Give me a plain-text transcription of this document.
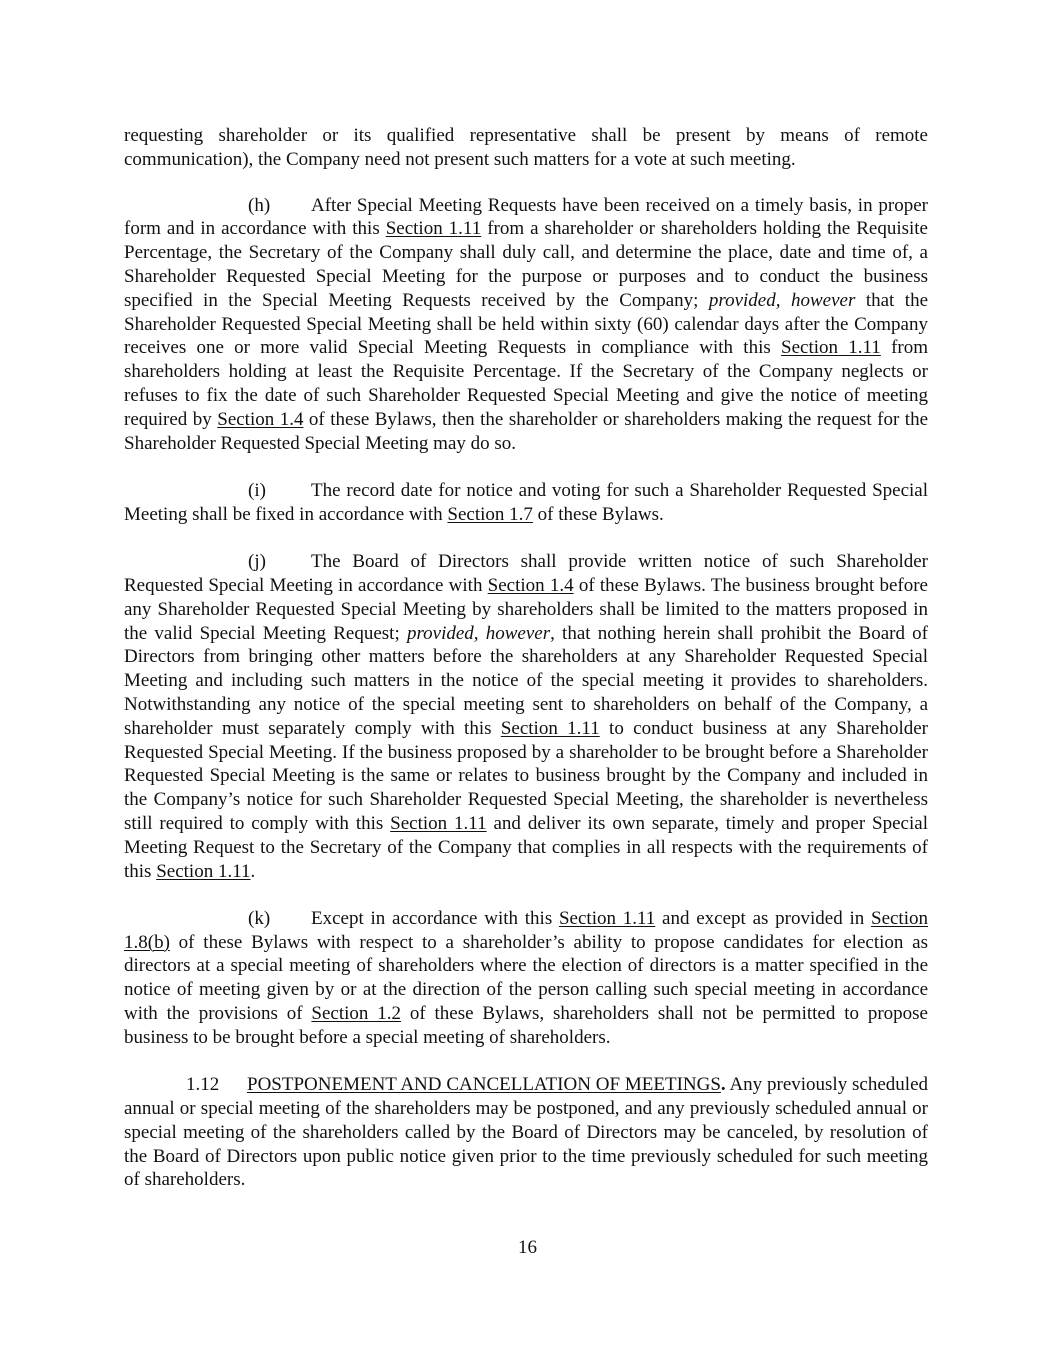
requesting shareholder or its qualified representative shall be present by means of remote communication), the Company need not present such matters for a vote at such meeting.

(h) After Special Meeting Requests have been received on a timely basis, in proper form and in accordance with this Section 1.11 from a shareholder or shareholders holding the Requisite Percentage, the Secretary of the Company shall duly call, and determine the place, date and time of, a Shareholder Requested Special Meeting for the purpose or purposes and to conduct the business specified in the Special Meeting Requests received by the Company; provided, however that the Shareholder Requested Special Meeting shall be held within sixty (60) calendar days after the Company receives one or more valid Special Meeting Requests in compliance with this Section 1.11 from shareholders holding at least the Requisite Percentage. If the Secretary of the Company neglects or refuses to fix the date of such Shareholder Requested Special Meeting and give the notice of meeting required by Section 1.4 of these Bylaws, then the shareholder or shareholders making the request for the Shareholder Requested Special Meeting may do so.

(i) The record date for notice and voting for such a Shareholder Requested Special Meeting shall be fixed in accordance with Section 1.7 of these Bylaws.

(j) The Board of Directors shall provide written notice of such Shareholder Requested Special Meeting in accordance with Section 1.4 of these Bylaws. The business brought before any Shareholder Requested Special Meeting by shareholders shall be limited to the matters proposed in the valid Special Meeting Request; provided, however, that nothing herein shall prohibit the Board of Directors from bringing other matters before the shareholders at any Shareholder Requested Special Meeting and including such matters in the notice of the special meeting it provides to shareholders. Notwithstanding any notice of the special meeting sent to shareholders on behalf of the Company, a shareholder must separately comply with this Section 1.11 to conduct business at any Shareholder Requested Special Meeting. If the business proposed by a shareholder to be brought before a Shareholder Requested Special Meeting is the same or relates to business brought by the Company and included in the Company’s notice for such Shareholder Requested Special Meeting, the shareholder is nevertheless still required to comply with this Section 1.11 and deliver its own separate, timely and proper Special Meeting Request to the Secretary of the Company that complies in all respects with the requirements of this Section 1.11.

(k) Except in accordance with this Section 1.11 and except as provided in Section 1.8(b) of these Bylaws with respect to a shareholder’s ability to propose candidates for election as directors at a special meeting of shareholders where the election of directors is a matter specified in the notice of meeting given by or at the direction of the person calling such special meeting in accordance with the provisions of Section 1.2 of these Bylaws, shareholders shall not be permitted to propose business to be brought before a special meeting of shareholders.

1.12 POSTPONEMENT AND CANCELLATION OF MEETINGS. Any previously scheduled annual or special meeting of the shareholders may be postponed, and any previously scheduled annual or special meeting of the shareholders called by the Board of Directors may be canceled, by resolution of the Board of Directors upon public notice given prior to the time previously scheduled for such meeting of shareholders.

16
